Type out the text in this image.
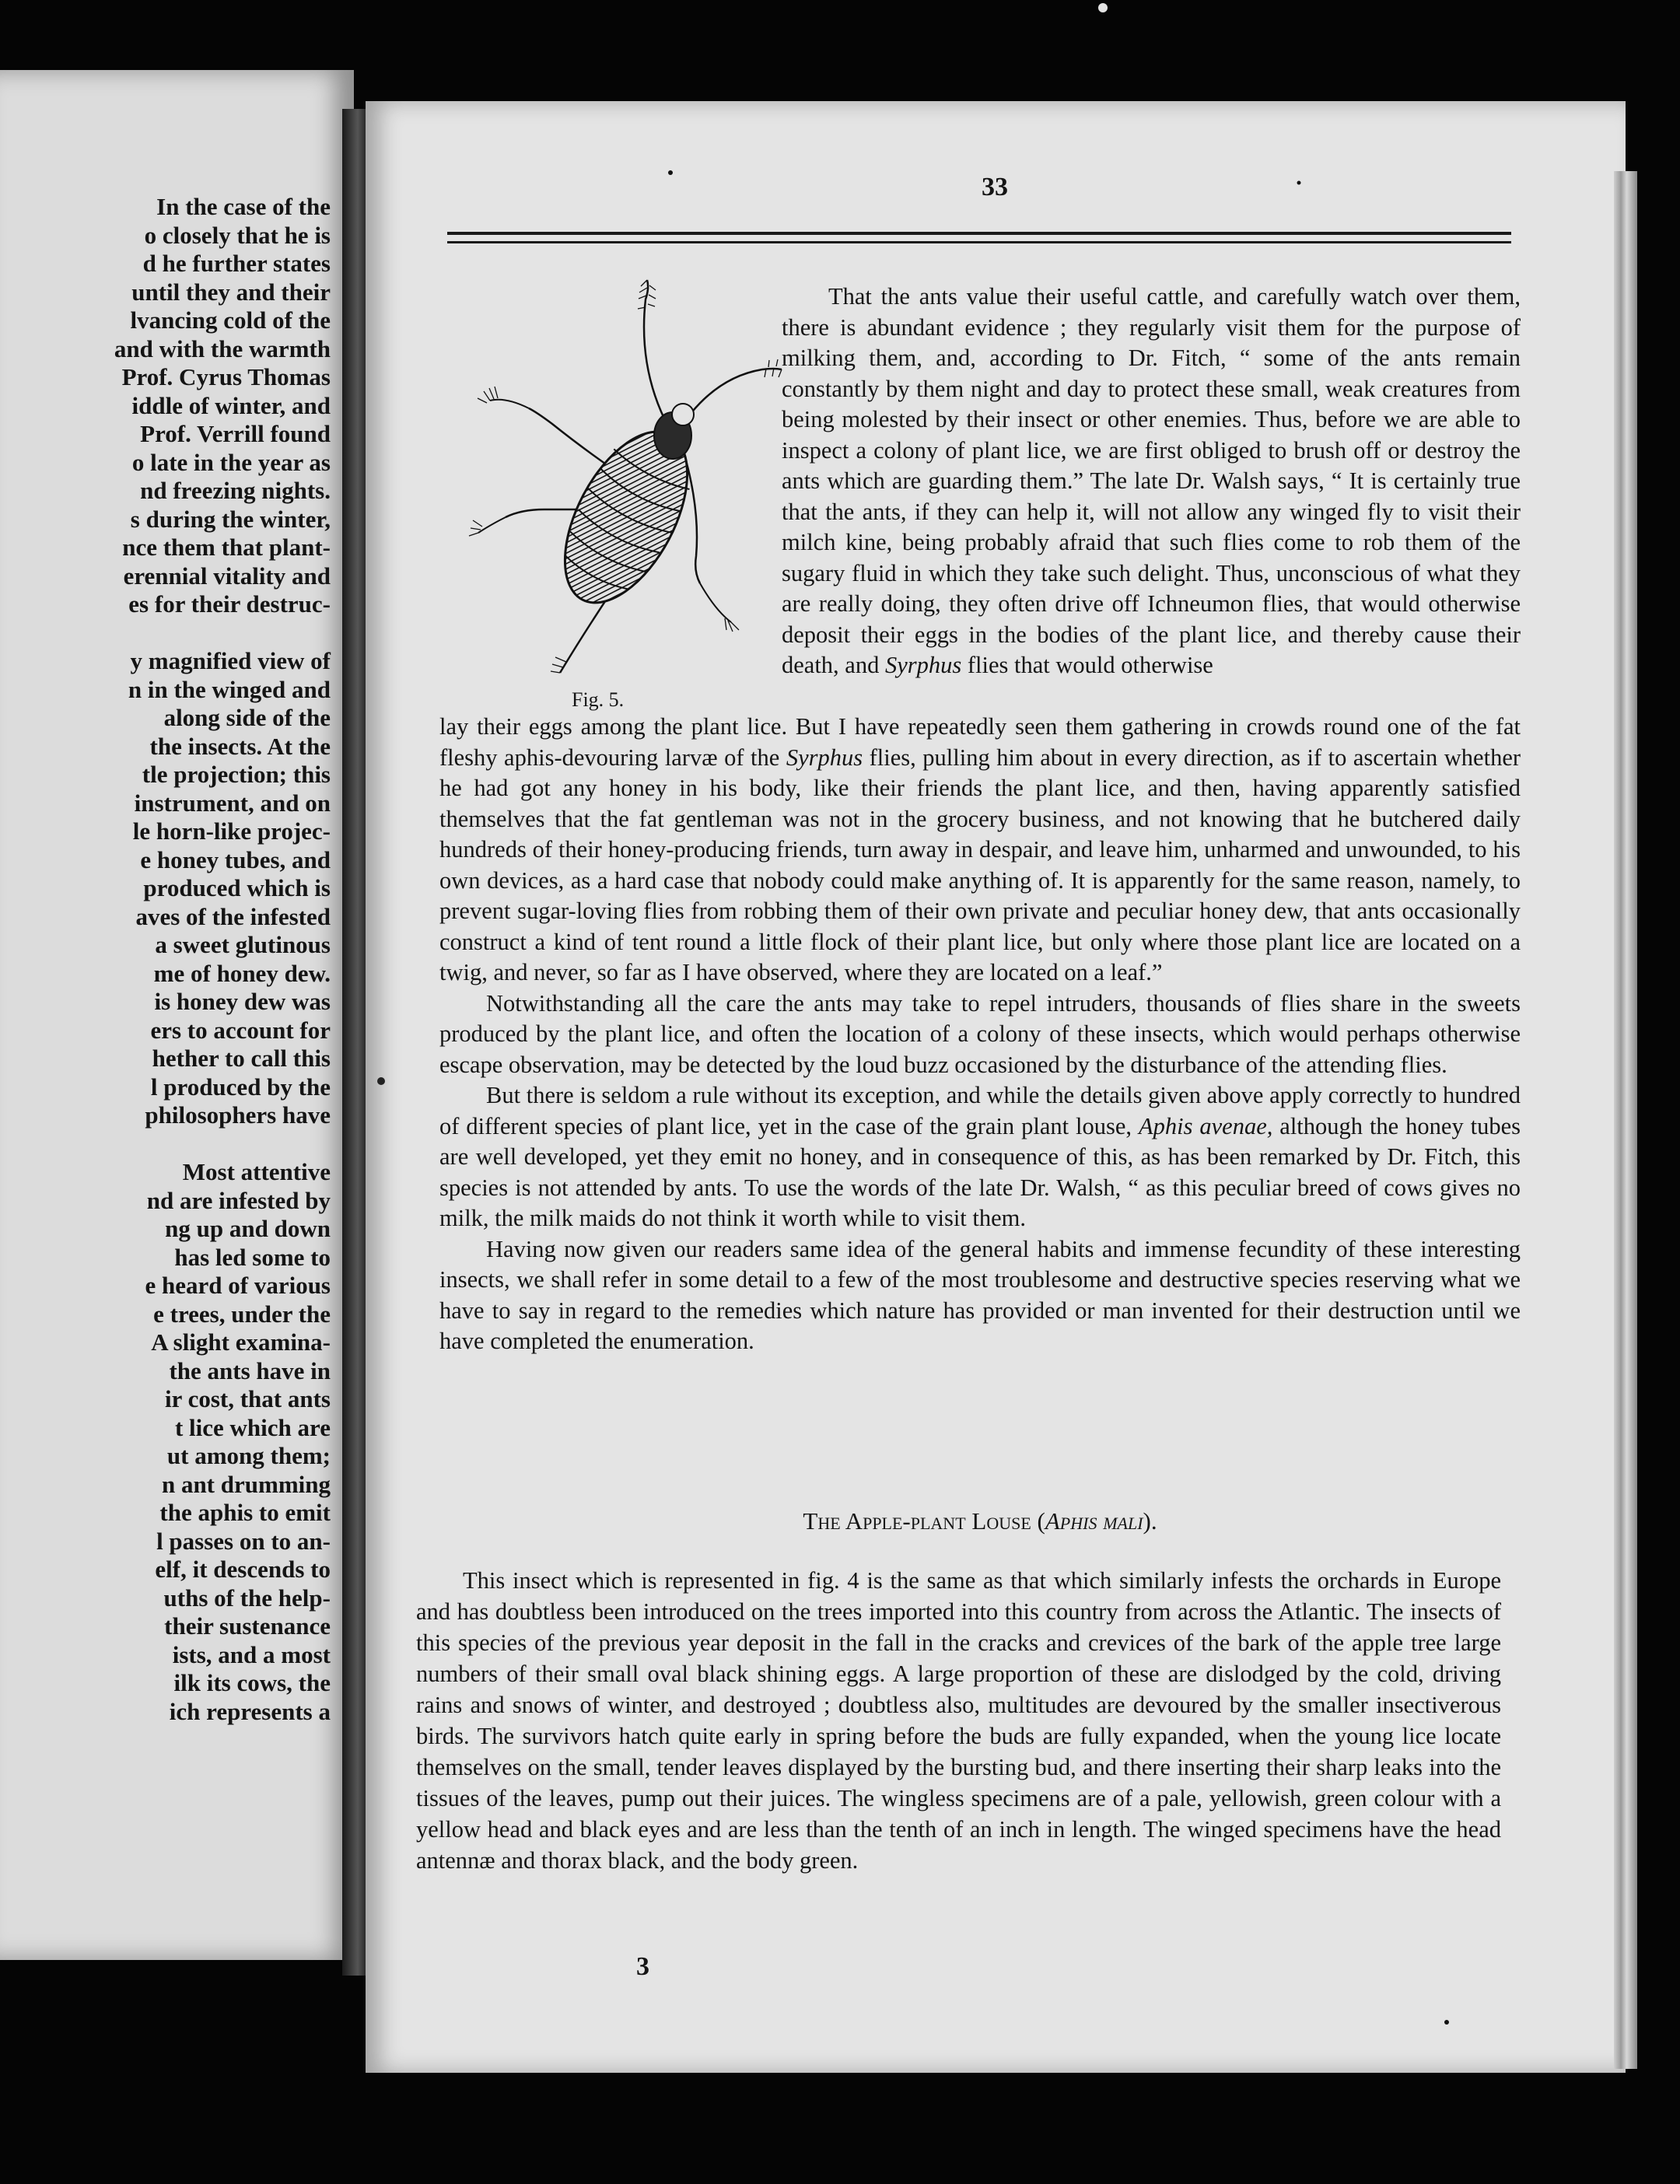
In the case of the
o closely that he is
d he further states
until they and their
lvancing cold of the
and with the warmth
Prof. Cyrus Thomas
iddle of winter, and
Prof. Verrill found
o late in the year as
nd freezing nights.
s during the winter,
nce them that plant-
erennial vitality and
es for their destruc-

y magnified view of
n in the winged and
along side of the
the insects. At the
tle projection; this
instrument, and on
le horn-like projec-
e honey tubes, and
produced which is
aves of the infested
a sweet glutinous
me of honey dew.
is honey dew was
ers to account for
hether to call this
l produced by the
philosophers have

Most attentive
nd are infested by
ng up and down
has led some to
e heard of various
e trees, under the
A slight examina-
the ants have in
ir cost, that ants
t lice which are
ut among them;
n ant drumming
the aphis to emit
l passes on to an-
elf, it descends to
uths of the help-
their sustenance
ists, and a most
ilk its cows, the
ich represents a
33
Fig. 5.

That the ants value their useful cattle, and carefully watch over them, there is abundant evidence ; they regularly visit them for the purpose of milking them, and, according to Dr. Fitch, “ some of the ants remain constantly by them night and day to protect these small, weak creatures from being molested by their insect or other enemies. Thus, before we are able to inspect a colony of plant lice, we are first obliged to brush off or destroy the ants which are guarding them.” The late Dr. Walsh says, “ It is certainly true that the ants, if they can help it, will not allow any winged fly to visit their milch kine, being probably afraid that such flies come to rob them of the sugary fluid in which they take such delight. Thus, unconscious of what they are really doing, they often drive off Ichneumon flies, that would otherwise deposit their eggs in the bodies of the plant lice, and thereby cause their death, and Syrphus flies that would otherwise

lay their eggs among the plant lice. But I have repeatedly seen them gathering in crowds round one of the fat fleshy aphis-devouring larvæ of the Syrphus flies, pulling him about in every direction, as if to ascertain whether he had got any honey in his body, like their friends the plant lice, and then, having apparently satisfied themselves that the fat gentleman was not in the grocery business, and not knowing that he butchered daily hundreds of their honey-producing friends, turn away in despair, and leave him, unharmed and unwounded, to his own devices, as a hard case that nobody could make anything of. It is apparently for the same reason, namely, to prevent sugar-loving flies from robbing them of their own private and peculiar honey dew, that ants occasionally construct a kind of tent round a little flock of their plant lice, but only where those plant lice are located on a twig, and never, so far as I have observed, where they are located on a leaf.”

Notwithstanding all the care the ants may take to repel intruders, thousands of flies share in the sweets produced by the plant lice, and often the location of a colony of these insects, which would perhaps otherwise escape observation, may be detected by the loud buzz occasioned by the disturbance of the attending flies.

But there is seldom a rule without its exception, and while the details given above apply correctly to hundred of different species of plant lice, yet in the case of the grain plant louse, Aphis avenae, although the honey tubes are well developed, yet they emit no honey, and in consequence of this, as has been remarked by Dr. Fitch, this species is not attended by ants. To use the words of the late Dr. Walsh, “ as this peculiar breed of cows gives no milk, the milk maids do not think it worth while to visit them.

Having now given our readers same idea of the general habits and immense fecundity of these interesting insects, we shall refer in some detail to a few of the most troublesome and destructive species reserving what we have to say in regard to the remedies which nature has provided or man invented for their destruction until we have completed the enumeration.

The Apple-plant Louse (Aphis mali).

This insect which is represented in fig. 4 is the same as that which similarly infests the orchards in Europe and has doubtless been introduced on the trees imported into this country from across the Atlantic. The insects of this species of the previous year deposit in the fall in the cracks and crevices of the bark of the apple tree large numbers of their small oval black shining eggs. A large proportion of these are dislodged by the cold, driving rains and snows of winter, and destroyed ; doubtless also, multitudes are devoured by the smaller insectiverous birds. The survivors hatch quite early in spring before the buds are fully expanded, when the young lice locate themselves on the small, tender leaves displayed by the bursting bud, and there inserting their sharp leaks into the tissues of the leaves, pump out their juices. The wingless specimens are of a pale, yellowish, green colour with a yellow head and black eyes and are less than the tenth of an inch in length. The winged specimens have the head antennæ and thorax black, and the body green.

3
